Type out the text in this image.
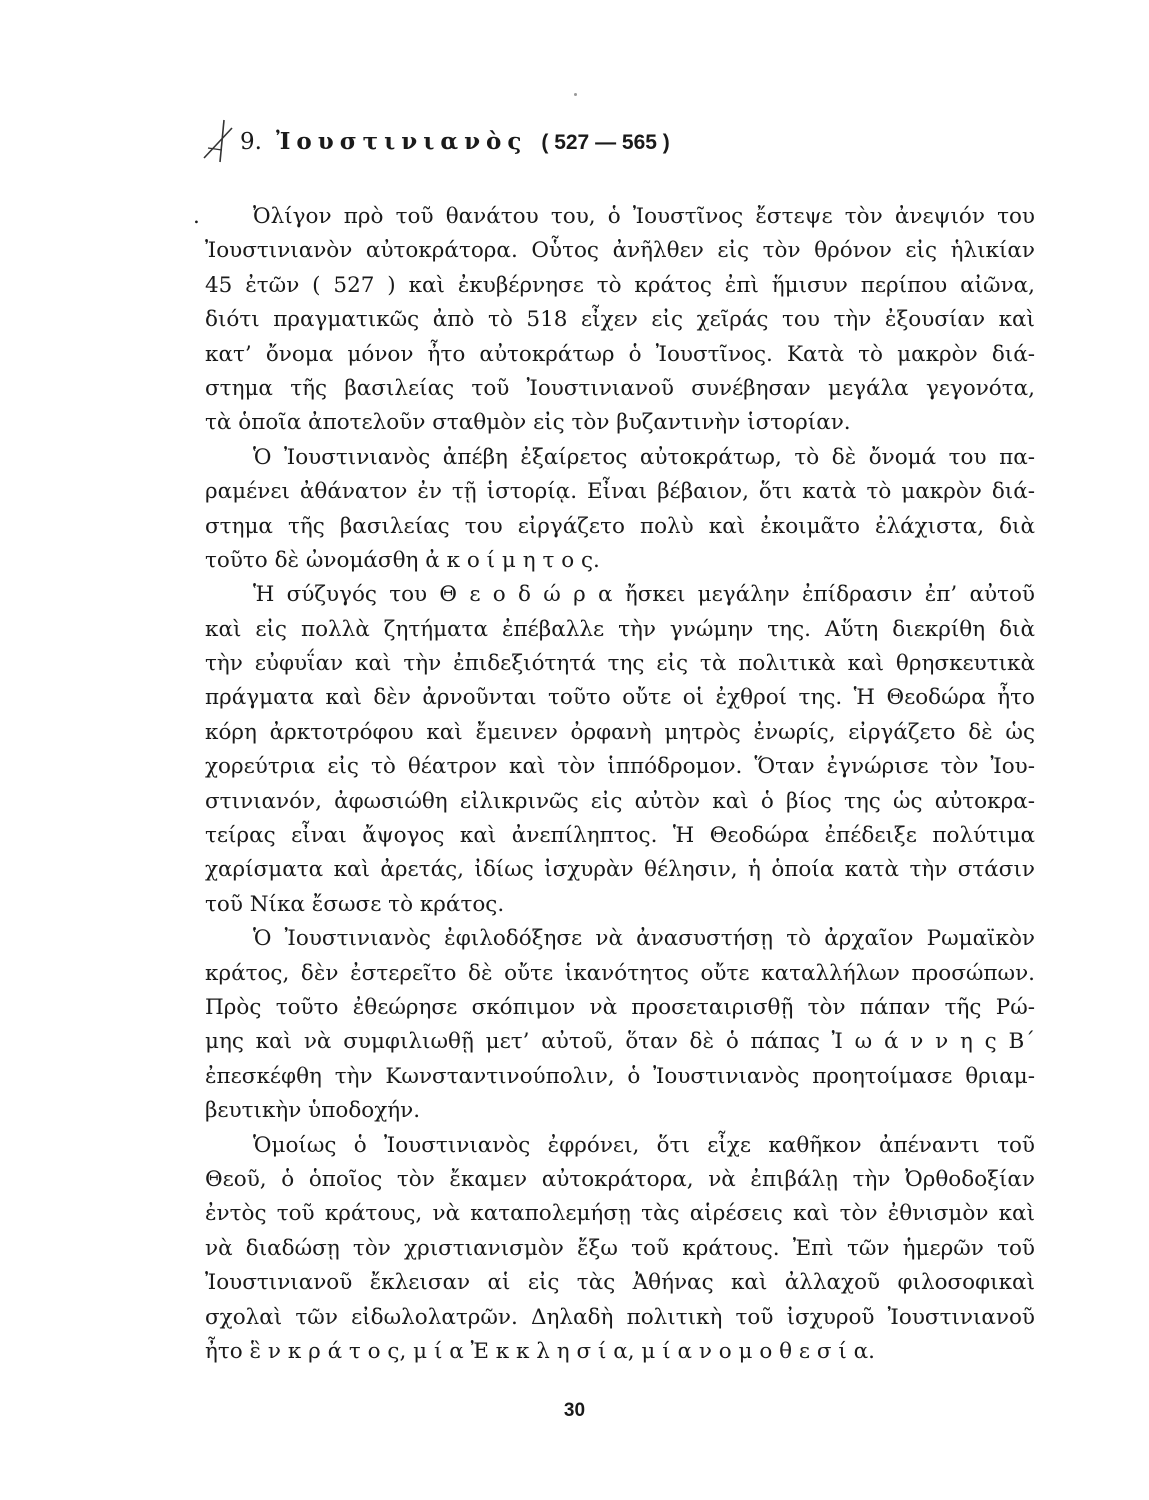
9. Ἰουστινιανὸς ( 527 — 565 )
.	Ὀλίγον πρὸ τοῦ θανάτου του, ὁ Ἰουστῖνος ἔστεψε τὸν ἀνεψιόν του
Ἰουστινιανὸν αὐτοκράτορα. Οὗτος ἀνῆλθεν εἰς τὸν θρόνον εἰς ἡλικίαν
45 ἐτῶν ( 527 ) καὶ ἐκυβέρνησε τὸ κράτος ἐπὶ ἥμισυν περίπου αἰῶνα,
διότι πραγματικῶς ἀπὸ τὸ 518 εἶχεν εἰς χεῖράς του τὴν ἐξουσίαν καὶ
κατ’ ὄνομα μόνον ἦτο αὐτοκράτωρ ὁ Ἰουστῖνος. Κατὰ τὸ μακρὸν διά-
στημα τῆς βασιλείας τοῦ Ἰουστινιανοῦ συνέβησαν μεγάλα γεγονότα,
τὰ ὁποῖα ἀποτελοῦν σταθμὸν εἰς τὸν βυζαντινὴν ἱστορίαν.
Ὁ Ἰουστινιανὸς ἀπέβη ἐξαίρετος αὐτοκράτωρ, τὸ δὲ ὄνομά του πα-
ραμένει ἀθάνατον ἐν τῇ ἱστορίᾳ. Εἶναι βέβαιον, ὅτι κατὰ τὸ μακρὸν διά-
στημα τῆς βασιλείας του εἰργάζετο πολὺ καὶ ἐκοιμᾶτο ἐλάχιστα, διὰ
τοῦτο δὲ ὠνομάσθη ἀ κ ο ί μ η τ ο ς.
Ἡ σύζυγός του Θ ε ο δ ώ ρ α ἤσκει μεγάλην ἐπίδρασιν ἐπ’ αὐτοῦ
καὶ εἰς πολλὰ ζητήματα ἐπέβαλλε τὴν γνώμην της. Αὕτη διεκρίθη διὰ
τὴν εὐφυΐαν καὶ τὴν ἐπιδεξιότητά της εἰς τὰ πολιτικὰ καὶ θρησκευτικὰ
πράγματα καὶ δὲν ἀρνοῦνται τοῦτο οὔτε οἱ ἐχθροί της. Ἡ Θεοδώρα ἦτο
κόρη ἀρκτοτρόφου καὶ ἔμεινεν ὀρφανὴ μητρὸς ἐνωρίς, εἰργάζετο δὲ ὡς
χορεύτρια εἰς τὸ θέατρον καὶ τὸν ἱππόδρομον. Ὅταν ἐγνώρισε τὸν Ἰου-
στινιανόν, ἀφωσιώθη εἰλικρινῶς εἰς αὐτὸν καὶ ὁ βίος της ὡς αὐτοκρα-
τείρας εἶναι ἄψογος καὶ ἀνεπίληπτος. Ἡ Θεοδώρα ἐπέδειξε πολύτιμα
χαρίσματα καὶ ἀρετάς, ἰδίως ἰσχυρὰν θέλησιν, ἡ ὁποία κατὰ τὴν στάσιν
τοῦ Νίκα ἔσωσε τὸ κράτος.
Ὁ Ἰουστινιανὸς ἐφιλοδόξησε νὰ ἀνασυστήσῃ τὸ ἀρχαῖον Ρωμαϊκὸν
κράτος, δὲν ἐστερεῖτο δὲ οὔτε ἱκανότητος οὔτε καταλλήλων προσώπων.
Πρὸς τοῦτο ἐθεώρησε σκόπιμον νὰ προσεταιρισθῇ τὸν πάπαν τῆς Ρώ-
μης καὶ νὰ συμφιλιωθῇ μετ’ αὐτοῦ, ὅταν δὲ ὁ πάπας Ἰ ω ά ν ν η ς Β΄
ἐπεσκέφθη τὴν Κωνσταντινούπολιν, ὁ Ἰουστινιανὸς προητοίμασε θριαμ-
βευτικὴν ὑποδοχήν.
Ὁμοίως ὁ Ἰουστινιανὸς ἐφρόνει, ὅτι εἶχε καθῆκον ἀπέναντι τοῦ
Θεοῦ, ὁ ὁποῖος τὸν ἔκαμεν αὐτοκράτορα, νὰ ἐπιβάλῃ τὴν Ὀρθοδοξίαν
ἐντὸς τοῦ κράτους, νὰ καταπολεμήσῃ τὰς αἱρέσεις καὶ τὸν ἐθνισμὸν καὶ
νὰ διαδώσῃ τὸν χριστιανισμὸν ἔξω τοῦ κράτους. Ἐπὶ τῶν ἡμερῶν τοῦ
Ἰουστινιανοῦ ἔκλεισαν αἱ εἰς τὰς Ἀθήνας καὶ ἀλλαχοῦ φιλοσοφικαὶ
σχολαὶ τῶν εἰδωλολατρῶν. Δηλαδὴ πολιτικὴ τοῦ ἰσχυροῦ Ἰουστινιανοῦ
ἦτο ἓ ν κ ρ ά τ ο ς, μ ί α Ἐ κ κ λ η σ ί α, μ ί α ν ο μ ο θ ε σ ί α.
30
